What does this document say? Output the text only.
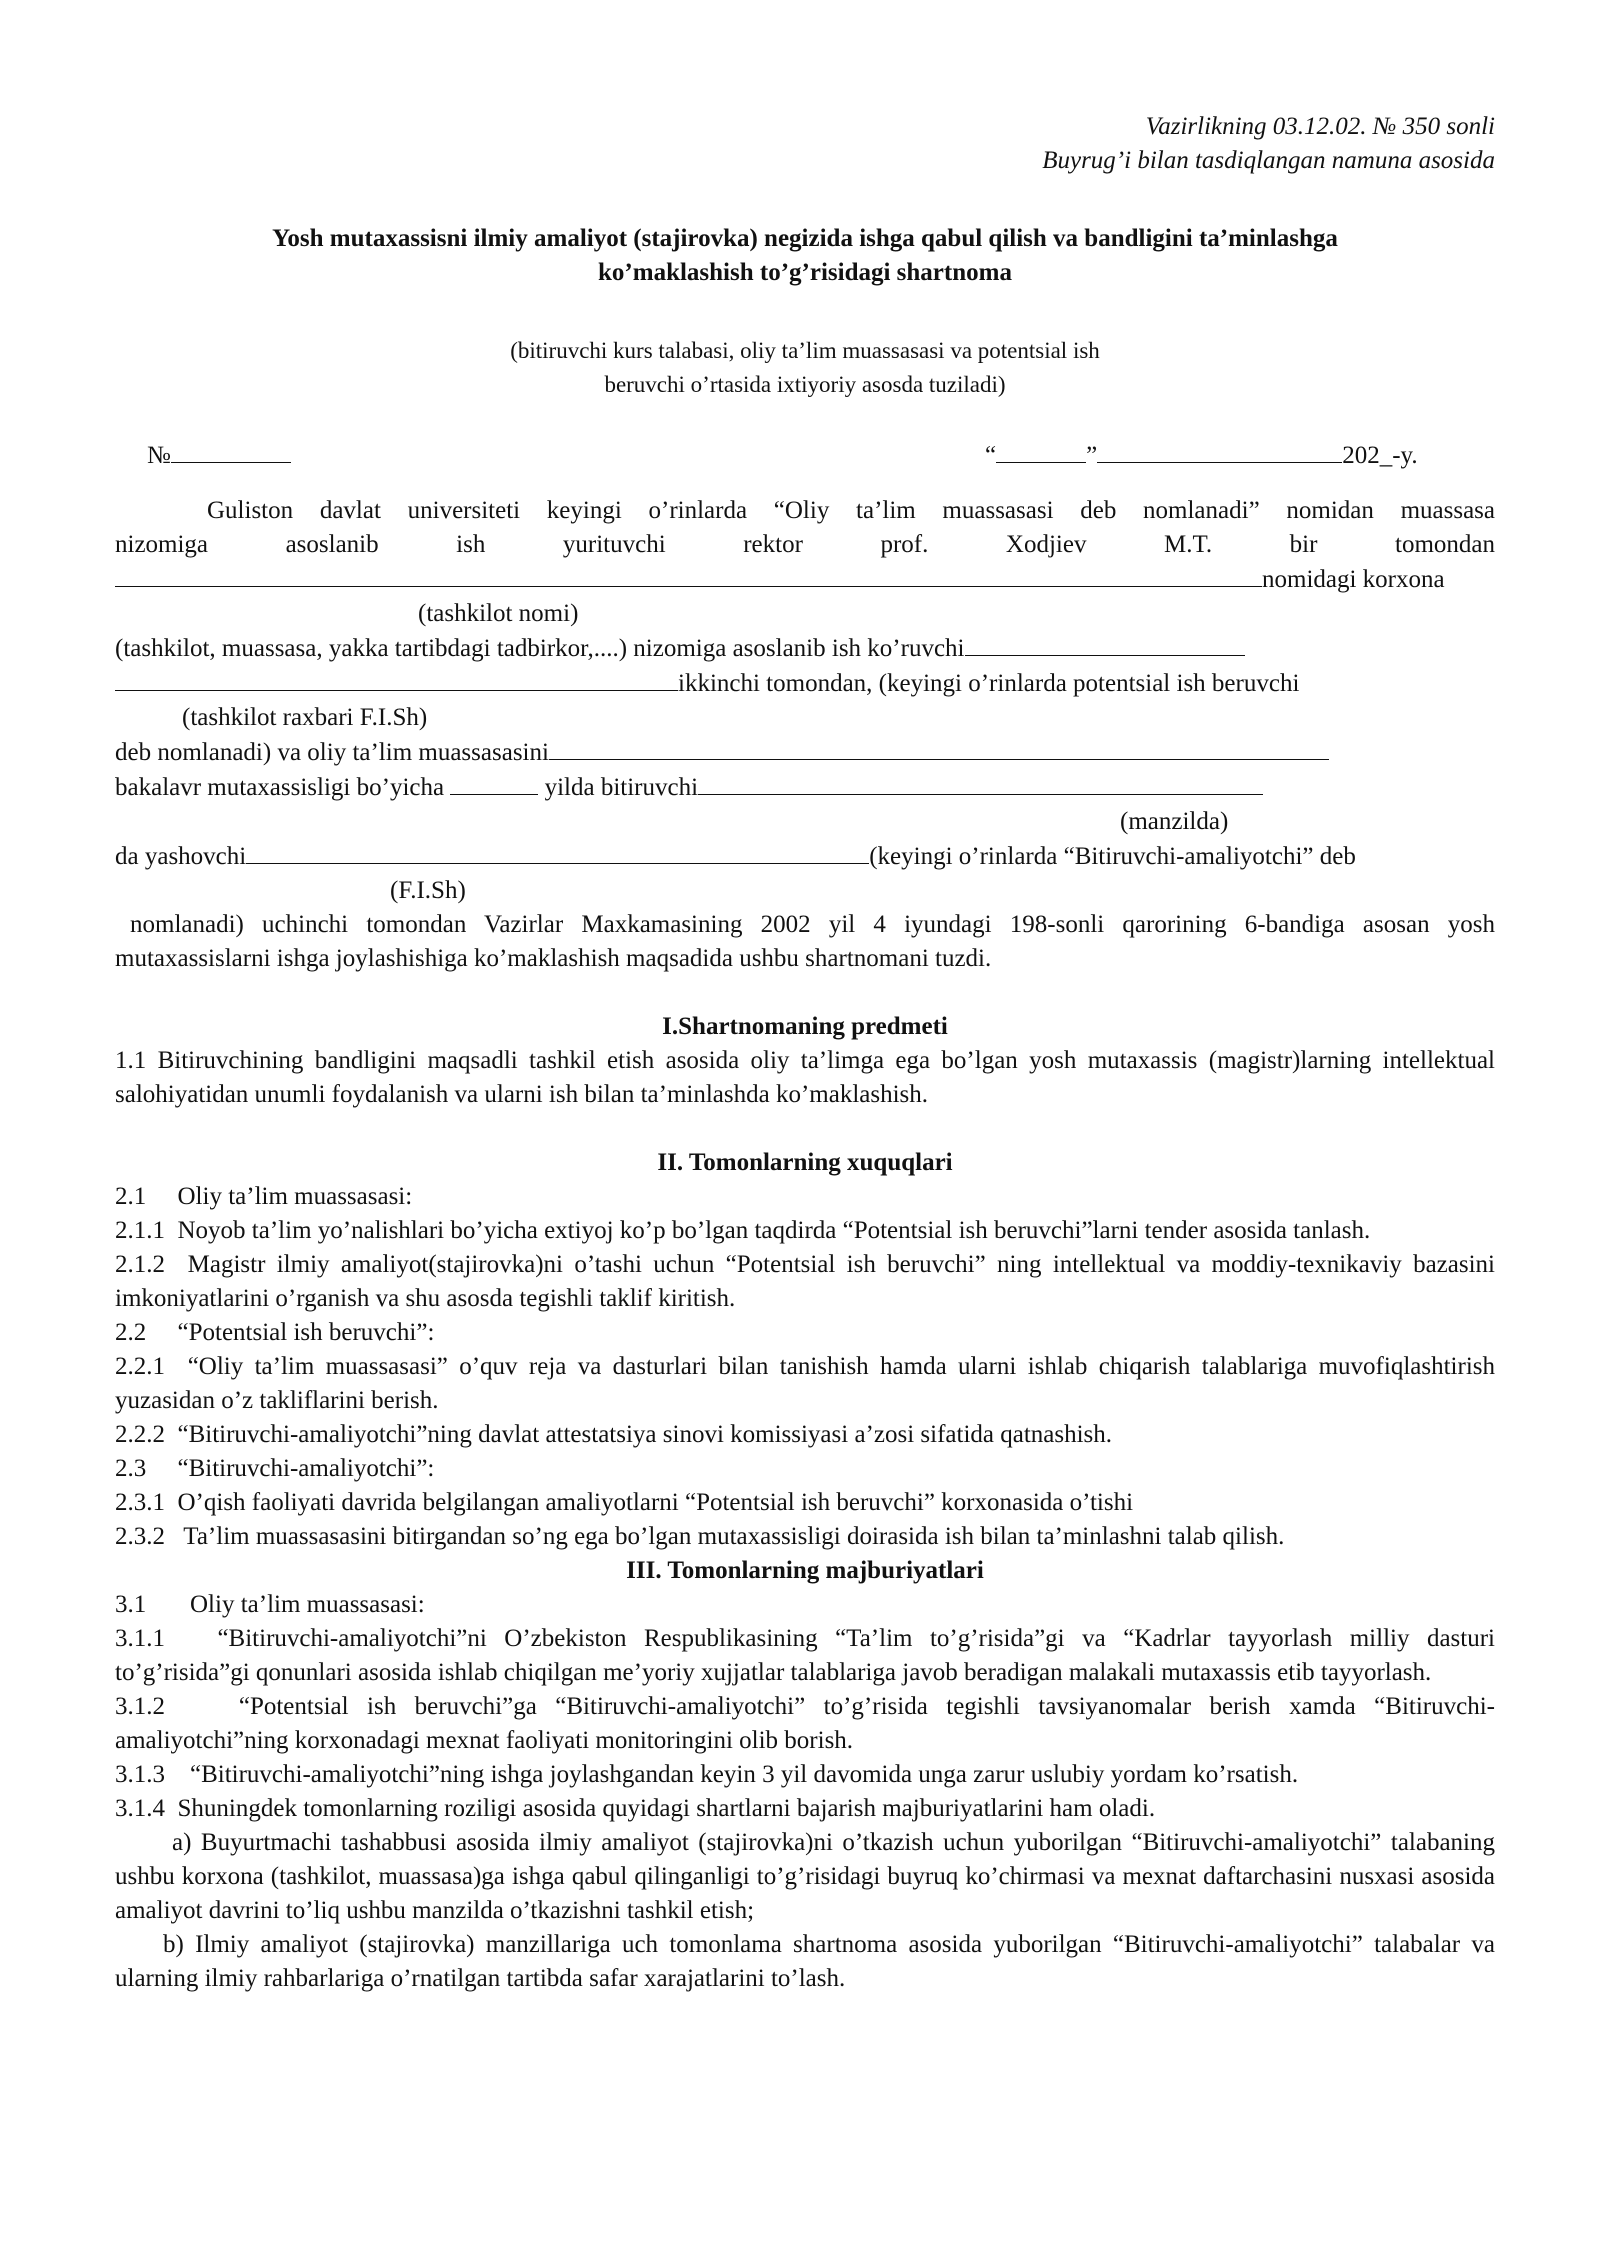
Vazirlikning 03.12.02. № 350 sonli

Buyrug’i bilan tasdiqlangan namuna asosida

Yosh mutaxassisni ilmiy amaliyot (stajirovka) negizida ishga qabul qilish va bandligini ta’minlashga

ko’maklashish to’g’risidagi shartnoma

(bitiruvchi kurs talabasi, oliy ta’lim muassasasi va potentsial ish

beruvchi o’rtasida ixtiyoriy asosda tuziladi)

№	“	”	202_-y.

Guliston davlat universiteti keyingi o’rinlarda “Oliy ta’lim muassasasi deb nomlanadi” nomidan muassasa

nizomiga asoslanib ish yurituvchi rektor prof. Xodjiev M.T. bir tomondan

nomidagi korxona

(tashkilot nomi)

(tashkilot, muassasa, yakka tartibdagi tadbirkor,....) nizomiga asoslanib ish ko’ruvchi

ikkinchi tomondan, (keyingi o’rinlarda potentsial ish beruvchi

(tashkilot raxbari F.I.Sh)

deb nomlanadi) va oliy ta’lim muassasasini

bakalavr mutaxassisligi bo’yicha	yilda bitiruvchi

(manzilda)

da yashovchi	(keyingi o’rinlarda “Bitiruvchi-amaliyotchi” deb

(F.I.Sh)

nomlanadi) uchinchi tomondan Vazirlar Maxkamasining 2002 yil 4 iyundagi 198-sonli qarorining 6-bandiga asosan yosh mutaxassislarni ishga joylashishiga ko’maklashish maqsadida ushbu shartnomani tuzdi.

I.Shartnomaning predmeti

1.1 Bitiruvchining bandligini maqsadli tashkil etish asosida oliy ta’limga ega bo’lgan yosh mutaxassis (magistr)larning intellektual salohiyatidan unumli foydalanish va ularni ish bilan ta’minlashda ko’maklashish.

II. Tomonlarning xuquqlari

2.1     Oliy ta’lim muassasasi:

2.1.1  Noyob ta’lim yo’nalishlari bo’yicha extiyoj ko’p bo’lgan taqdirda “Potentsial ish beruvchi”larni tender asosida tanlash.

2.1.2  Magistr ilmiy amaliyot(stajirovka)ni o’tashi uchun “Potentsial ish beruvchi” ning intellektual va moddiy-texnikaviy bazasini imkoniyatlarini o’rganish va shu asosda tegishli taklif kiritish.

2.2     “Potentsial ish beruvchi”:

2.2.1  “Oliy ta’lim muassasasi” o’quv reja va dasturlari bilan tanishish hamda ularni ishlab chiqarish talablariga muvofiqlashtirish yuzasidan o’z takliflarini berish.

2.2.2  “Bitiruvchi-amaliyotchi”ning davlat attestatsiya sinovi komissiyasi a’zosi sifatida qatnashish.

2.3     “Bitiruvchi-amaliyotchi”:

2.3.1  O’qish faoliyati davrida belgilangan amaliyotlarni “Potentsial ish beruvchi” korxonasida o’tishi

2.3.2   Ta’lim muassasasini bitirgandan so’ng ega bo’lgan mutaxassisligi doirasida ish bilan ta’minlashni talab qilish.

III. Tomonlarning majburiyatlari

3.1       Oliy ta’lim muassasasi:

3.1.1   “Bitiruvchi-amaliyotchi”ni O’zbekiston Respublikasining “Ta’lim to’g’risida”gi va “Kadrlar tayyorlash milliy dasturi to’g’risida”gi qonunlari asosida ishlab chiqilgan me’yoriy xujjatlar talablariga javob beradigan malakali mutaxassis etib tayyorlash.

3.1.2    “Potentsial ish beruvchi”ga “Bitiruvchi-amaliyotchi” to’g’risida tegishli tavsiyanomalar berish xamda “Bitiruvchi-amaliyotchi”ning korxonadagi mexnat faoliyati monitoringini olib borish.

3.1.3    “Bitiruvchi-amaliyotchi”ning ishga joylashgandan keyin 3 yil davomida unga zarur uslubiy yordam ko’rsatish.

3.1.4  Shuningdek tomonlarning roziligi asosida quyidagi shartlarni bajarish majburiyatlarini ham oladi.

a) Buyurtmachi tashabbusi asosida ilmiy amaliyot (stajirovka)ni o’tkazish uchun yuborilgan “Bitiruvchi-amaliyotchi” talabaning ushbu korxona (tashkilot, muassasa)ga ishga qabul qilinganligi to’g’risidagi buyruq ko’chirmasi va mexnat daftarchasini nusxasi asosida amaliyot davrini to’liq ushbu manzilda o’tkazishni tashkil etish;

b) Ilmiy amaliyot (stajirovka) manzillariga uch tomonlama shartnoma asosida yuborilgan “Bitiruvchi-amaliyotchi” talabalar va ularning ilmiy rahbarlariga o’rnatilgan tartibda safar xarajatlarini to’lash.
